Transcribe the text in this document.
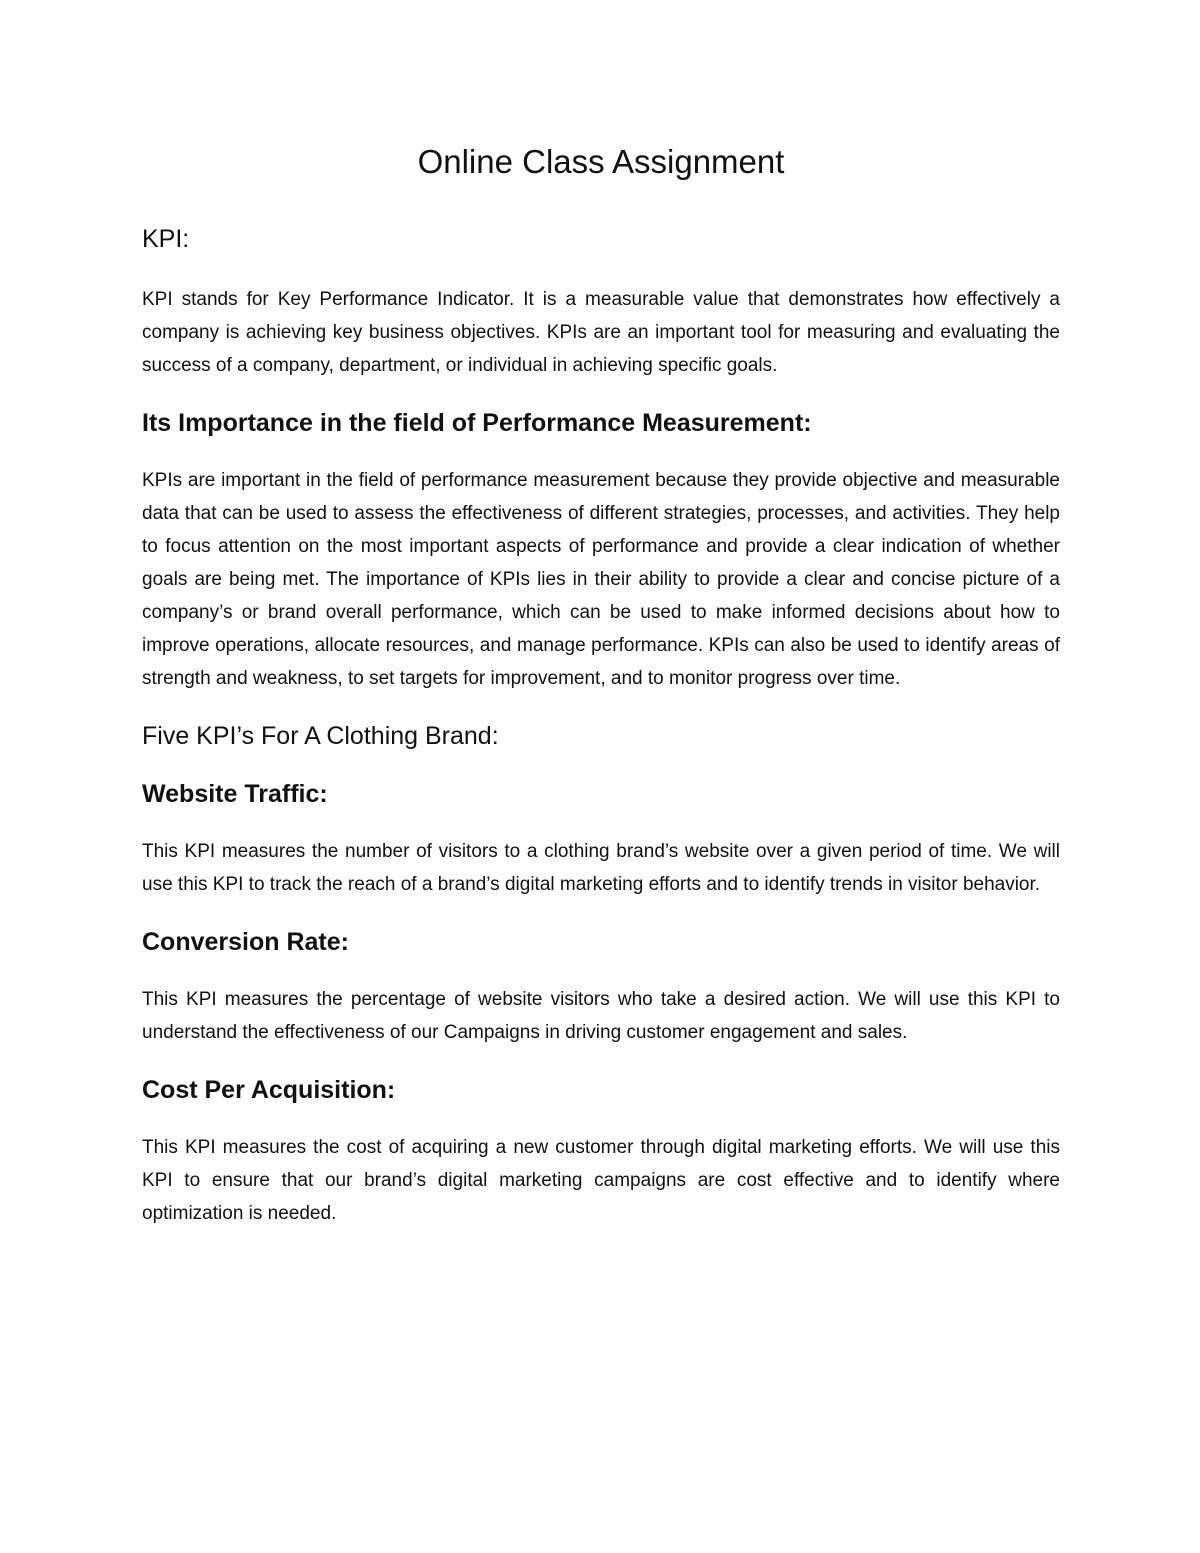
Online Class Assignment
KPI:

KPI stands for Key Performance Indicator. It is a measurable value that demonstrates how effectively a company is achieving key business objectives. KPIs are an important tool for measuring and evaluating the success of a company, department, or individual in achieving specific goals.

Its Importance in the field of Performance Measurement:

KPIs are important in the field of performance measurement because they provide objective and measurable data that can be used to assess the effectiveness of different strategies, processes, and activities. They help to focus attention on the most important aspects of performance and provide a clear indication of whether goals are being met. The importance of KPIs lies in their ability to provide a clear and concise picture of a company’s or brand overall performance, which can be used to make informed decisions about how to improve operations, allocate resources, and manage performance. KPIs can also be used to identify areas of strength and weakness, to set targets for improvement, and to monitor progress over time.

Five KPI’s For A Clothing Brand:
Website Traffic:

This KPI measures the number of visitors to a clothing brand’s website over a given period of time. We will use this KPI to track the reach of a brand’s digital marketing efforts and to identify trends in visitor behavior.

Conversion Rate:

This KPI measures the percentage of website visitors who take a desired action. We will use this KPI to understand the effectiveness of our Campaigns in driving customer engagement and sales.

Cost Per Acquisition:

This KPI measures the cost of acquiring a new customer through digital marketing efforts. We will use this KPI to ensure that our brand’s digital marketing campaigns are cost effective and to identify where optimization is needed.
